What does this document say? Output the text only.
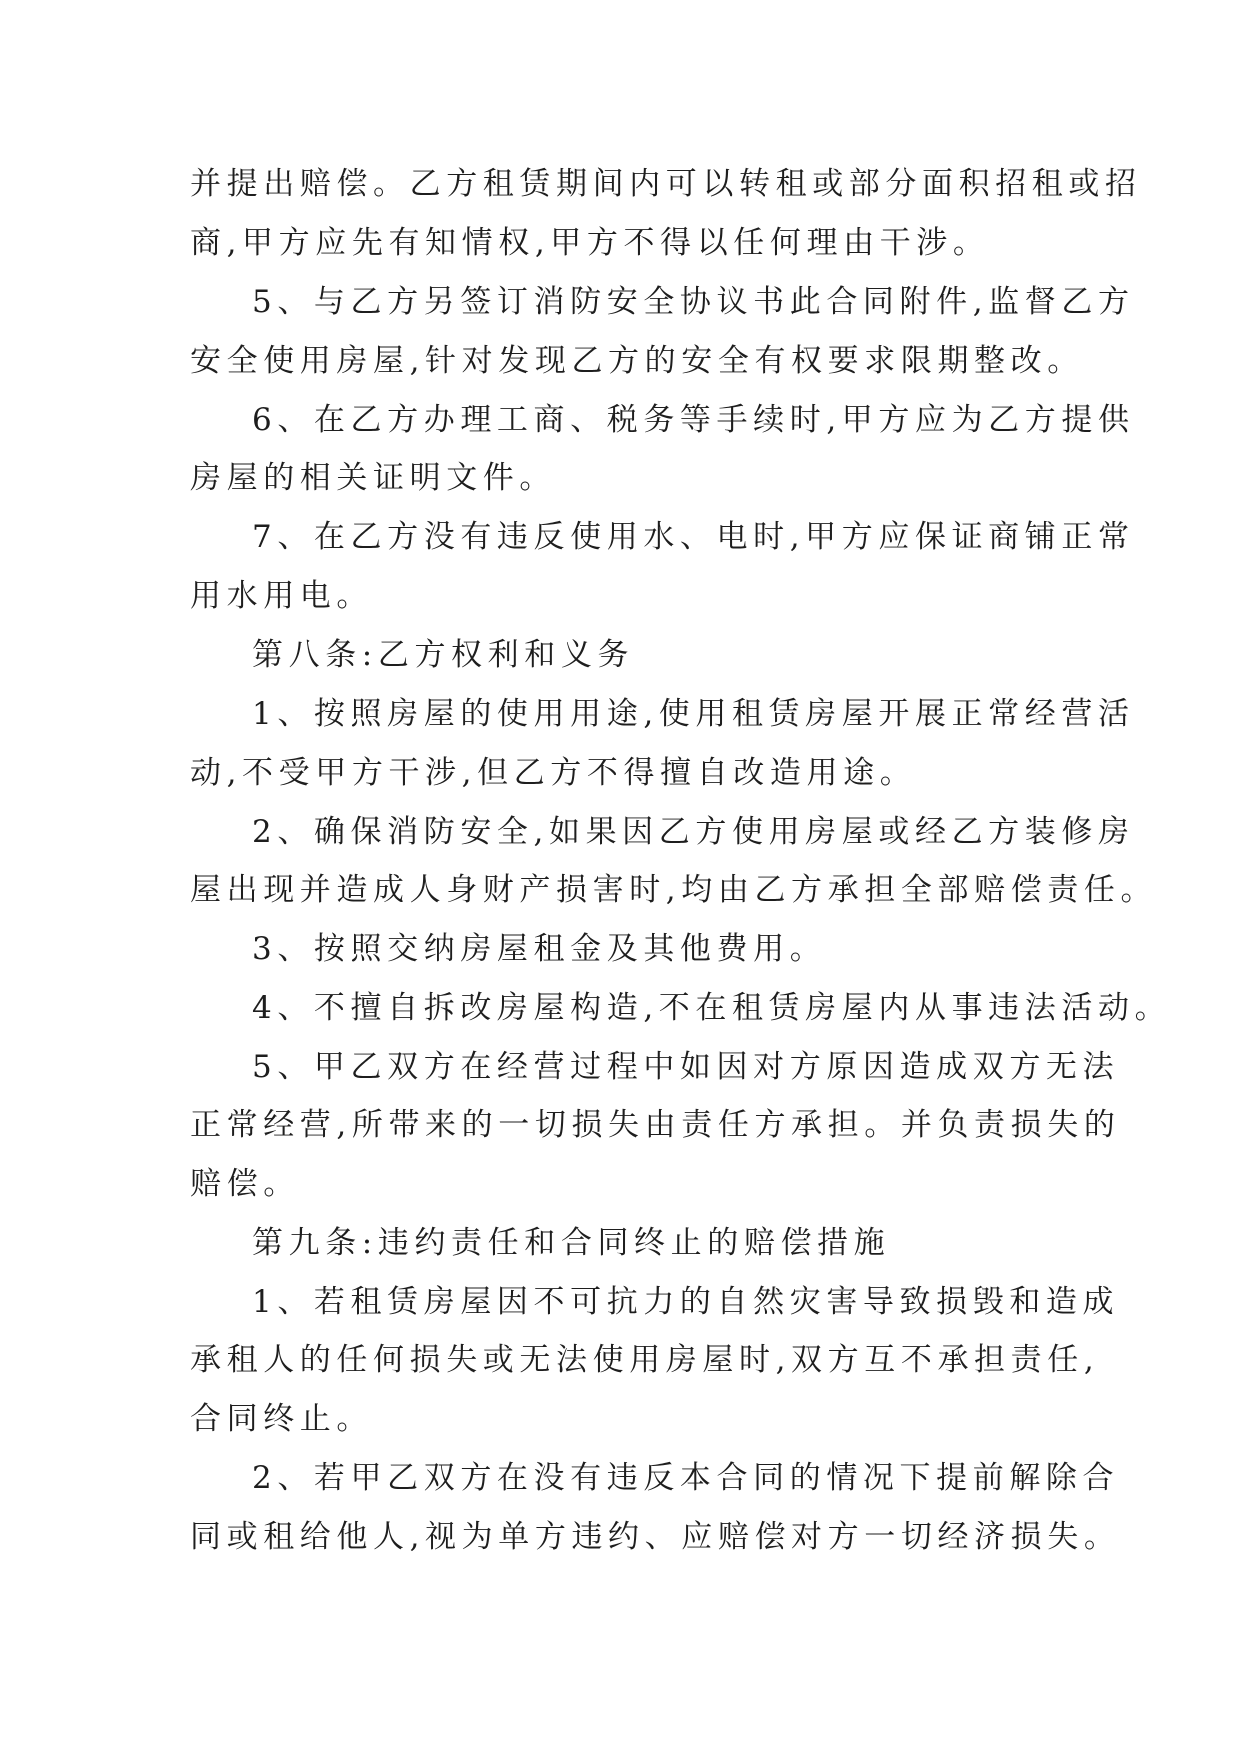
并提出赔偿。乙方租赁期间内可以转租或部分面积招租或招
商,甲方应先有知情权,甲方不得以任何理由干涉。
5、与乙方另签订消防安全协议书此合同附件,监督乙方
安全使用房屋,针对发现乙方的安全有权要求限期整改。
6、在乙方办理工商、税务等手续时,甲方应为乙方提供
房屋的相关证明文件。
7、在乙方没有违反使用水、电时,甲方应保证商铺正常
用水用电。
第八条:乙方权利和义务
1、按照房屋的使用用途,使用租赁房屋开展正常经营活
动,不受甲方干涉,但乙方不得擅自改造用途。
2、确保消防安全,如果因乙方使用房屋或经乙方装修房
屋出现并造成人身财产损害时,均由乙方承担全部赔偿责任。
3、按照交纳房屋租金及其他费用。
4、不擅自拆改房屋构造,不在租赁房屋内从事违法活动。
5、甲乙双方在经营过程中如因对方原因造成双方无法
正常经营,所带来的一切损失由责任方承担。并负责损失的
赔偿。
第九条:违约责任和合同终止的赔偿措施
1、若租赁房屋因不可抗力的自然灾害导致损毁和造成
承租人的任何损失或无法使用房屋时,双方互不承担责任,
合同终止。
2、若甲乙双方在没有违反本合同的情况下提前解除合
同或租给他人,视为单方违约、应赔偿对方一切经济损失。
